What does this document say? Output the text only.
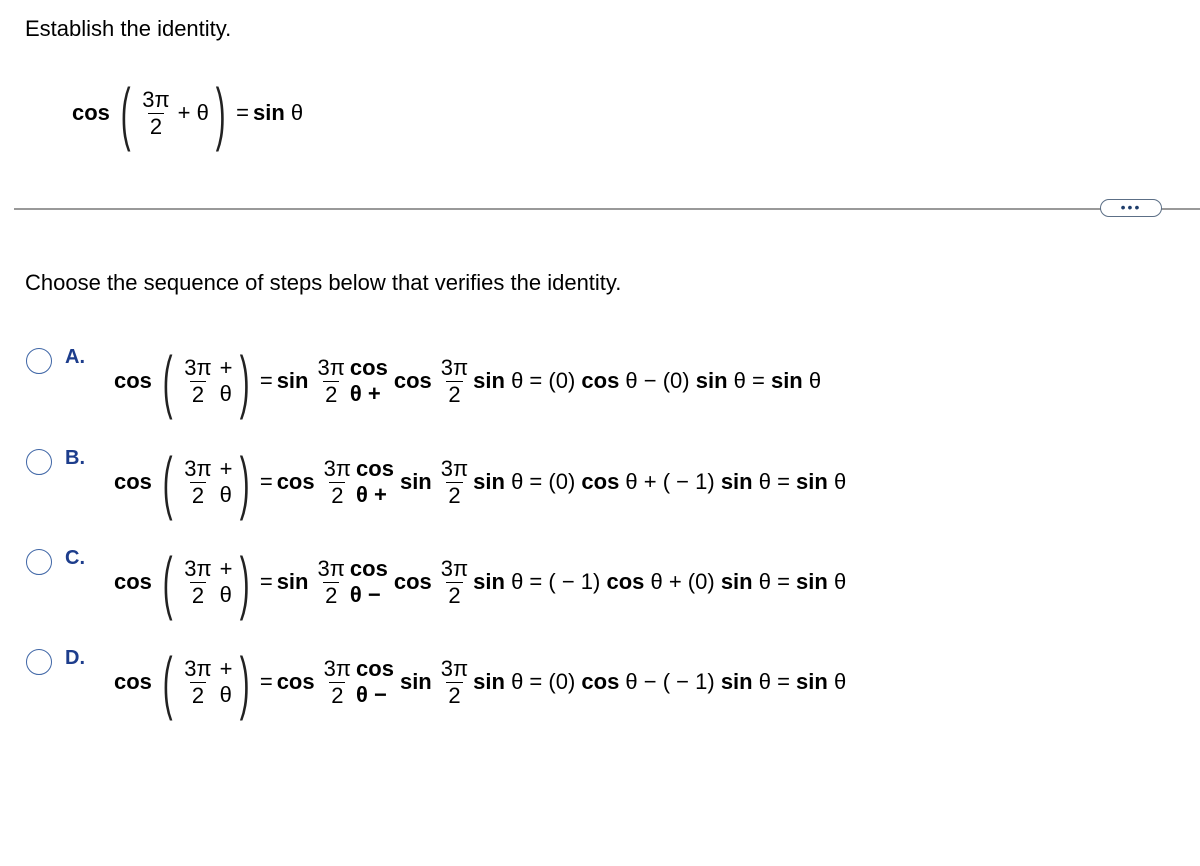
Establish the identity.

cos ( $\frac{3\pi}{2} + \theta$ ) = sin θ
•••

Choose the sequence of steps below that verifies the identity.

A.
cos ( $\frac{3\pi}{2} + \theta$ ) = $\sin \frac{3\pi}{2}$ cos θ +
$\cos \frac{3\pi}{2}$ sin θ = (0) cos θ − (0) sin θ = sin θ
B.
cos ( $\frac{3\pi}{2} + \theta$ ) = $\cos \frac{3\pi}{2}$ cos θ +
$\sin \frac{3\pi}{2}$ sin θ = (0) cos θ + ( − 1) sin θ = sin θ
C.
cos ( $\frac{3\pi}{2} + \theta$ ) = $\sin \frac{3\pi}{2}$ cos θ −
$\cos \frac{3\pi}{2}$ sin θ = ( − 1) cos θ + (0) sin θ = sin θ
D.
cos ( $\frac{3\pi}{2} + \theta$ ) = $\cos \frac{3\pi}{2}$ cos θ −
$\sin \frac{3\pi}{2}$ sin θ = (0) cos θ − ( − 1) sin θ = sin θ
